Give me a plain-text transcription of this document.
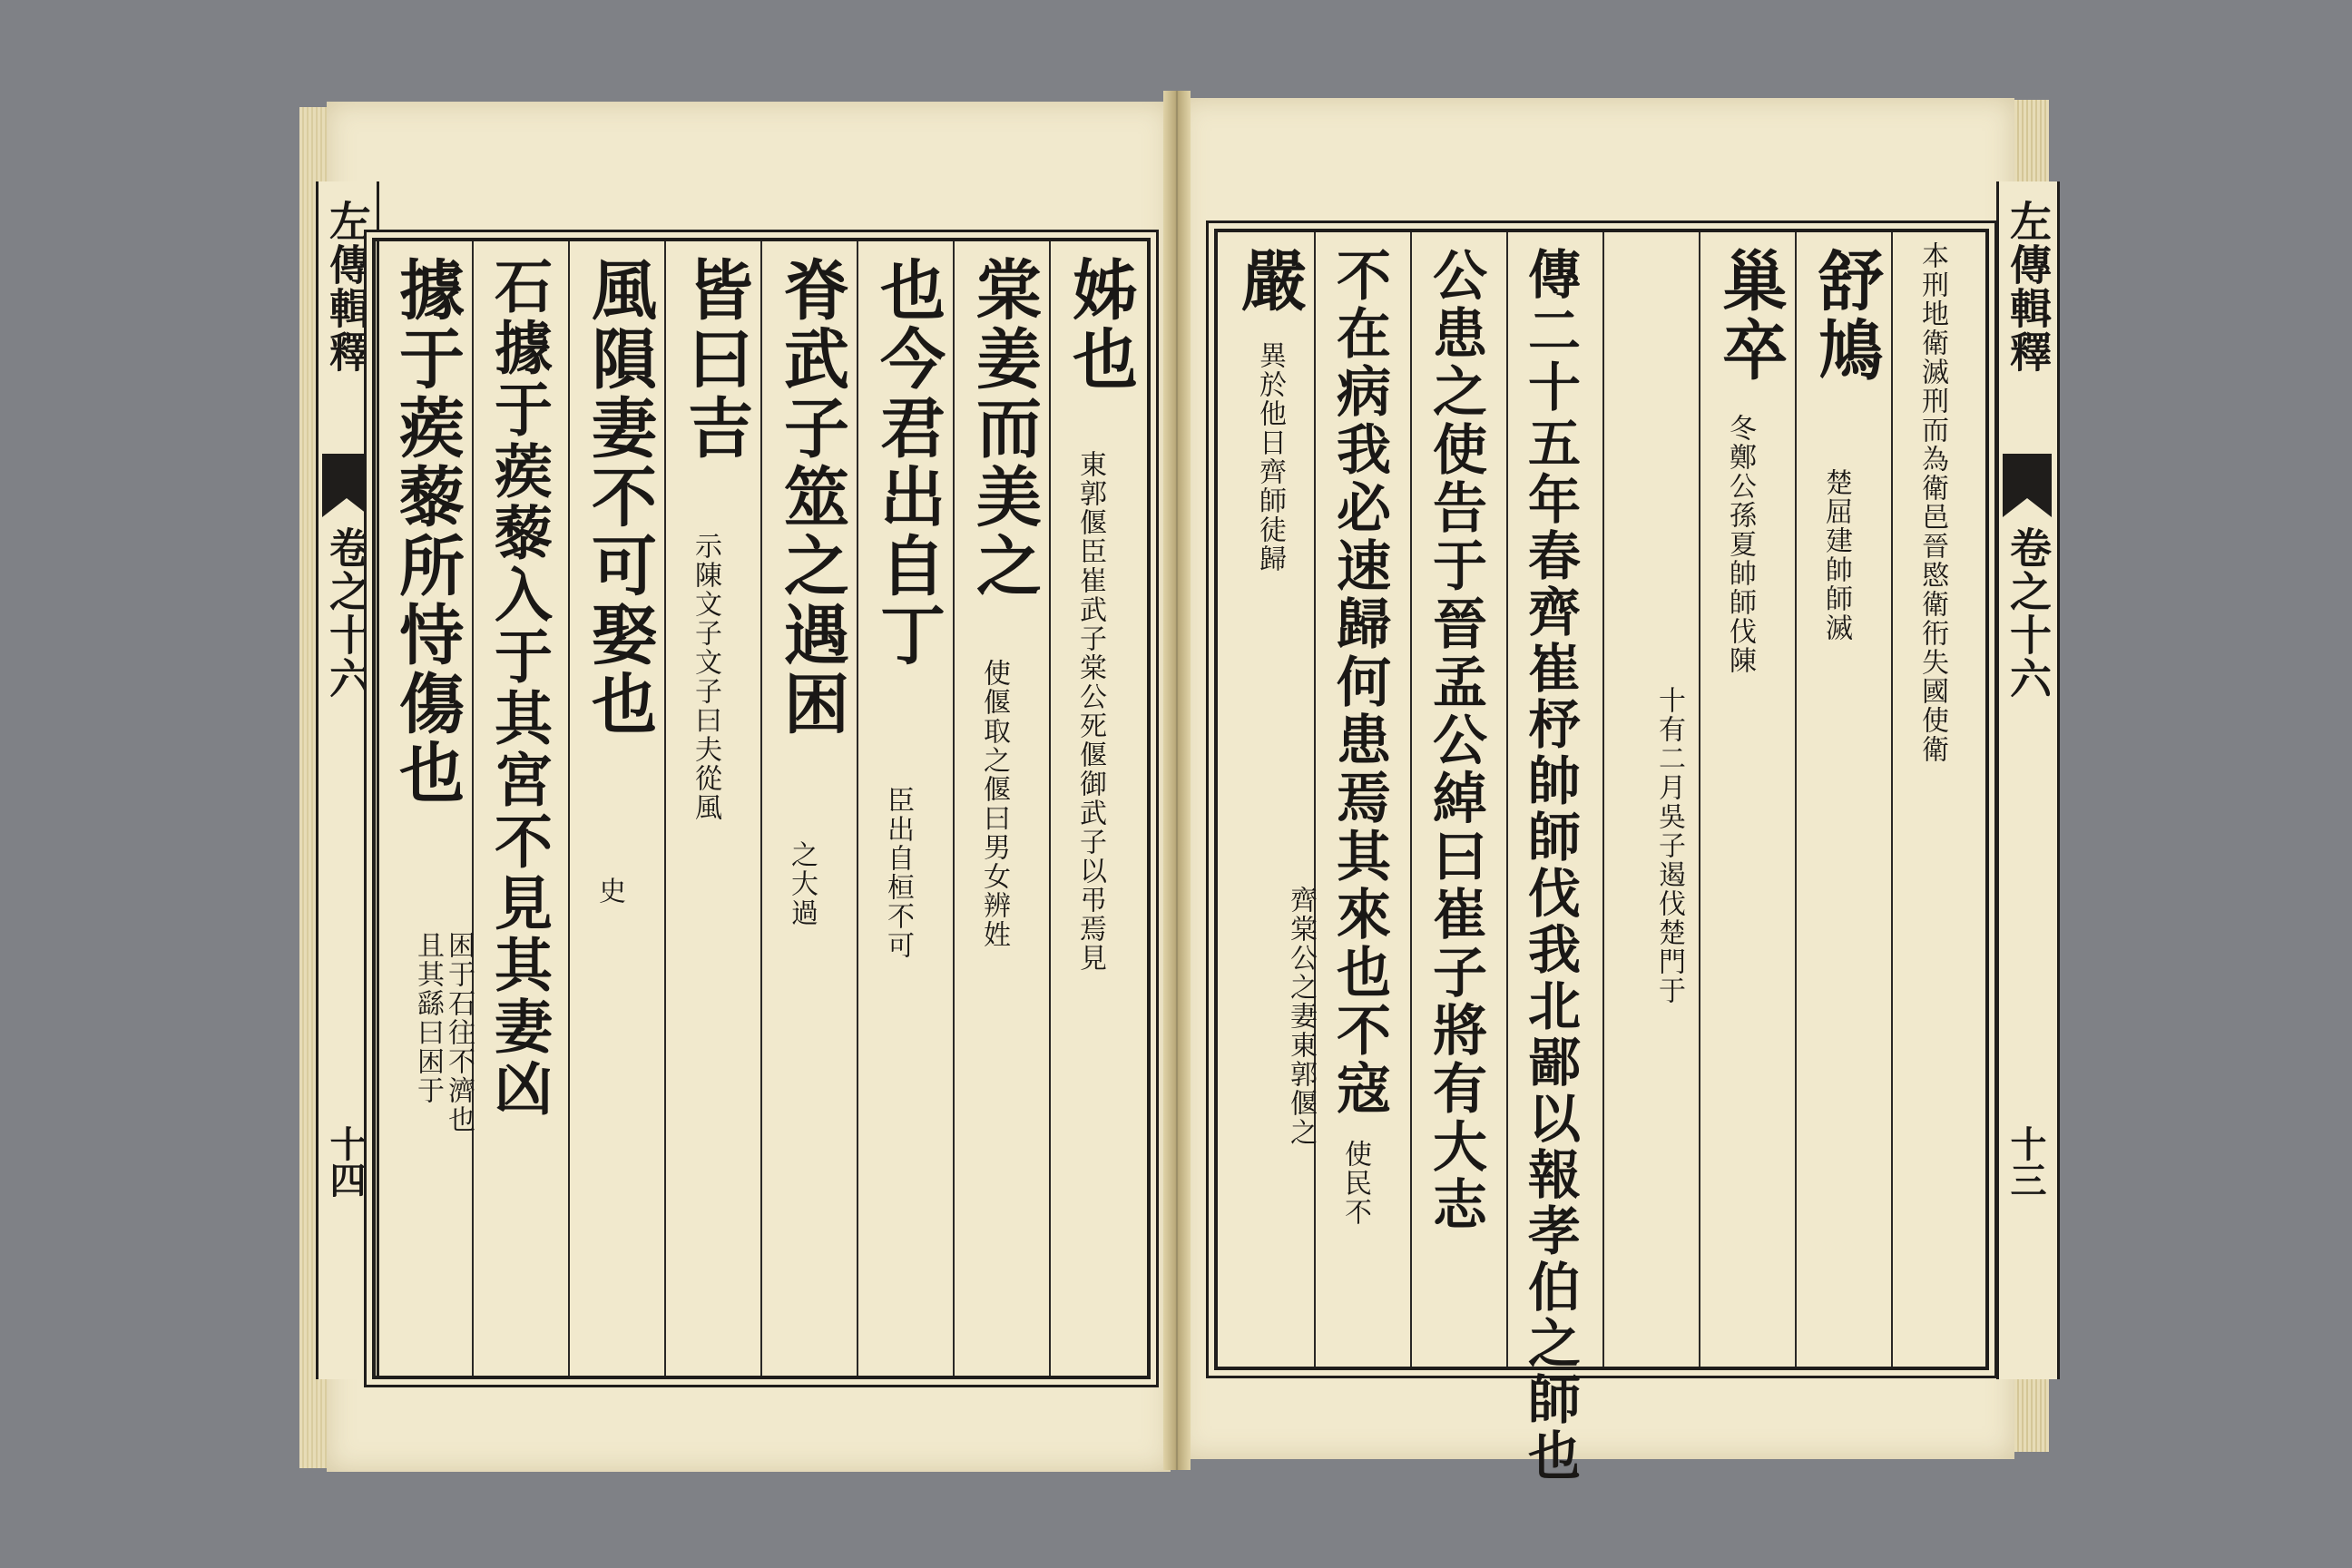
左傳輯釋
卷之十六
十四
左傳輯釋
卷之十六
十三
姊也
東郭偃臣崔武子棠公死偃御武子以弔焉見
棠姜而美之
使偃取之偃曰男女辨姓
也今君出自丁
臣出自桓不可
脊武子筮之遇困
之大過
皆曰吉
示陳文子文子曰夫從風
風隕妻不可娶也
史
石據于蒺藜入于其宮不見其妻凶
據于蒺藜所恃傷也
且其繇曰困于 困于石往不濟也
本刑地衛滅刑而為衛邑晉愍衛衎失國使衛
舒鳩
楚屈建帥師滅
巢卒
冬鄭公孫夏帥師伐陳
十有二月吳子遏伐楚門于
傳二十五年春齊崔杼帥師伐我北鄙以報孝伯之師也
公患之使告于晉孟公綽曰崔子將有大志
不在病我必速歸何患焉其來也不寇
使民不
嚴
異於他日齊師徒歸
齊棠公之妻東郭偃之
